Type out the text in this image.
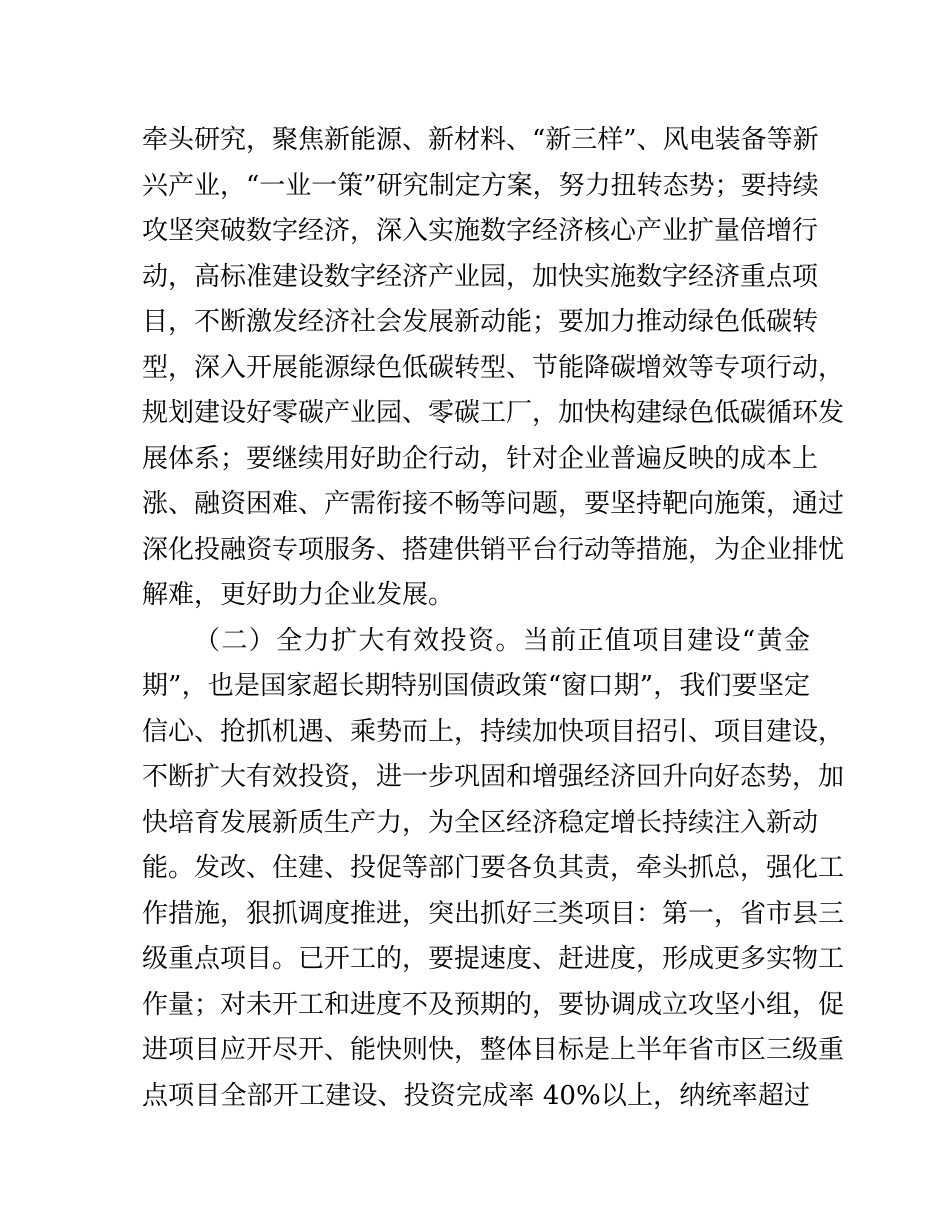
牵头研究，聚焦新能源、新材料、“新三样”、风电装备等新
兴产业，“一业一策”研究制定方案，努力扭转态势；要持续
攻坚突破数字经济，深入实施数字经济核心产业扩量倍增行
动，高标准建设数字经济产业园，加快实施数字经济重点项
目，不断激发经济社会发展新动能；要加力推动绿色低碳转
型，深入开展能源绿色低碳转型、节能降碳增效等专项行动，
规划建设好零碳产业园、零碳工厂，加快构建绿色低碳循环发
展体系；要继续用好助企行动，针对企业普遍反映的成本上
涨、融资困难、产需衔接不畅等问题，要坚持靶向施策，通过
深化投融资专项服务、搭建供销平台行动等措施，为企业排忧
解难，更好助力企业发展。
（二）全力扩大有效投资。当前正值项目建设“黄金
期”，也是国家超长期特别国债政策“窗口期”，我们要坚定
信心、抢抓机遇、乘势而上，持续加快项目招引、项目建设，
不断扩大有效投资，进一步巩固和增强经济回升向好态势，加
快培育发展新质生产力，为全区经济稳定增长持续注入新动
能。发改、住建、投促等部门要各负其责，牵头抓总，强化工
作措施，狠抓调度推进，突出抓好三类项目：第一，省市县三
级重点项目。已开工的，要提速度、赶进度，形成更多实物工
作量；对未开工和进度不及预期的，要协调成立攻坚小组，促
进项目应开尽开、能快则快，整体目标是上半年省市区三级重
点项目全部开工建设、投资完成率 40%以上，纳统率超过
